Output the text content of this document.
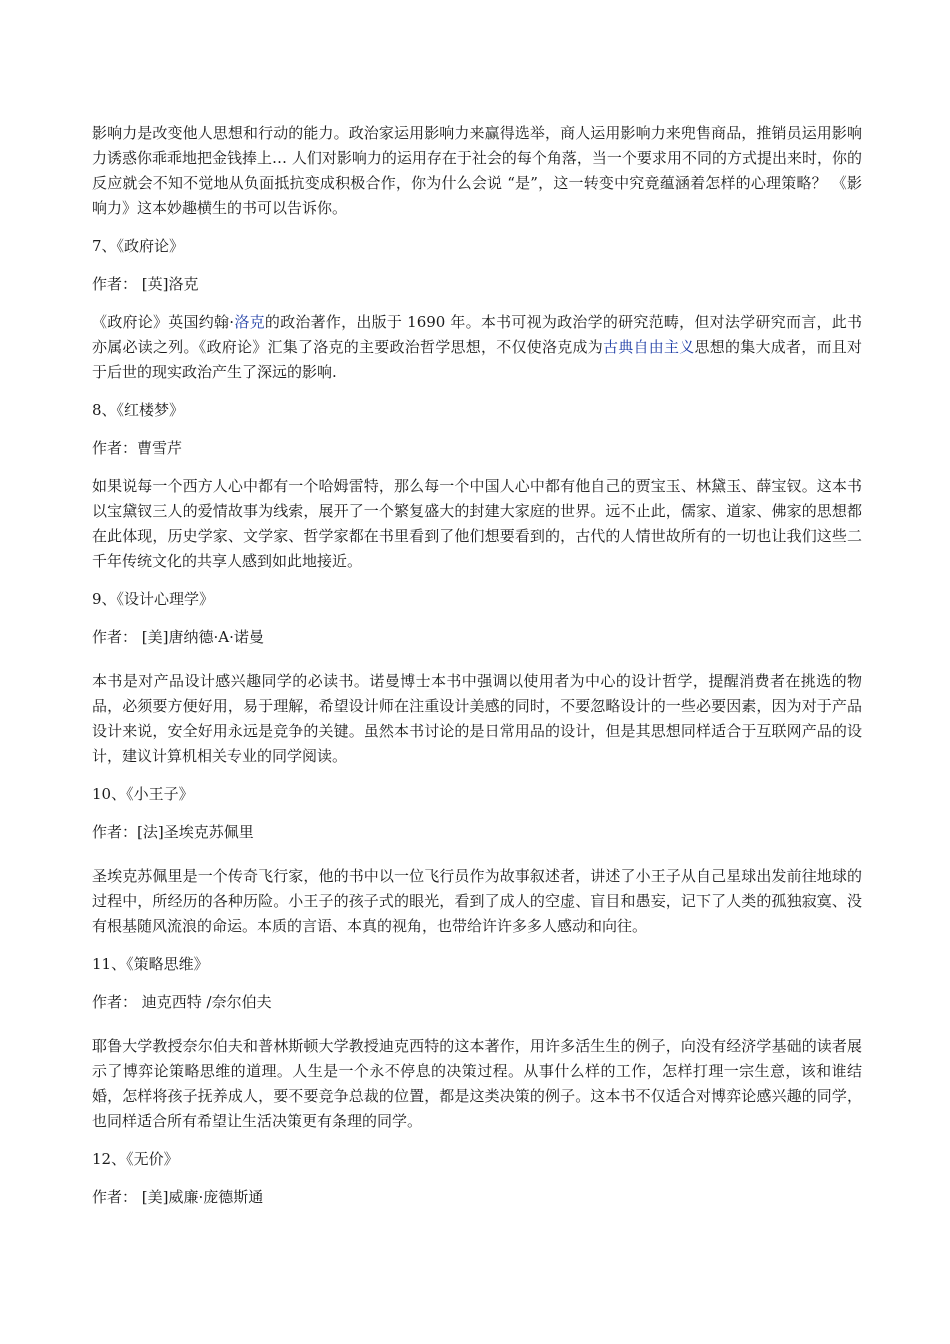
影响力是改变他人思想和行动的能力。政治家运用影响力来赢得选举，商人运用影响力来兜售商品，推销员运用影响力诱惑你乖乖地把金钱捧上… 人们对影响力的运用存在于社会的每个角落，当一个要求用不同的方式提出来时，你的反应就会不知不觉地从负面抵抗变成积极合作，你为什么会说 “是”，这一转变中究竟蕴涵着怎样的心理策略？ 《影响力》这本妙趣横生的书可以告诉你。

7、《政府论》
作者： [英]洛克

《政府论》英国约翰·洛克的政治著作，出版于 1690 年。本书可视为政治学的研究范畴，但对法学研究而言，此书亦属必读之列。《政府论》汇集了洛克的主要政治哲学思想，不仅使洛克成为古典自由主义思想的集大成者，而且对于后世的现实政治产生了深远的影响.

8、《红楼梦》
作者：曹雪芹

如果说每一个西方人心中都有一个哈姆雷特，那么每一个中国人心中都有他自己的贾宝玉、林黛玉、薛宝钗。这本书以宝黛钗三人的爱情故事为线索，展开了一个繁复盛大的封建大家庭的世界。远不止此，儒家、道家、佛家的思想都在此体现，历史学家、文学家、哲学家都在书里看到了他们想要看到的，古代的人情世故所有的一切也让我们这些二千年传统文化的共享人感到如此地接近。

9、《设计心理学》
作者： [美]唐纳德·A·诺曼

本书是对产品设计感兴趣同学的必读书。诺曼博士本书中强调以使用者为中心的设计哲学，提醒消费者在挑选的物品，必须要方便好用，易于理解，希望设计师在注重设计美感的同时，不要忽略设计的一些必要因素，因为对于产品设计来说，安全好用永远是竞争的关键。虽然本书讨论的是日常用品的设计，但是其思想同样适合于互联网产品的设计，建议计算机相关专业的同学阅读。

10、《小王子》
作者：[法]圣埃克苏佩里

圣埃克苏佩里是一个传奇飞行家，他的书中以一位飞行员作为故事叙述者，讲述了小王子从自己星球出发前往地球的过程中，所经历的各种历险。小王子的孩子式的眼光，看到了成人的空虚、盲目和愚妄，记下了人类的孤独寂寞、没有根基随风流浪的命运。本质的言语、本真的视角，也带给许许多多人感动和向往。

11、《策略思维》
作者： 迪克西特 /奈尔伯夫

耶鲁大学教授奈尔伯夫和普林斯顿大学教授迪克西特的这本著作，用许多活生生的例子，向没有经济学基础的读者展示了博弈论策略思维的道理。人生是一个永不停息的决策过程。从事什么样的工作，怎样打理一宗生意，该和谁结婚，怎样将孩子抚养成人，要不要竞争总裁的位置，都是这类决策的例子。这本书不仅适合对博弈论感兴趣的同学，也同样适合所有希望让生活决策更有条理的同学。

12、《无价》
作者： [美]威廉·庞德斯通
